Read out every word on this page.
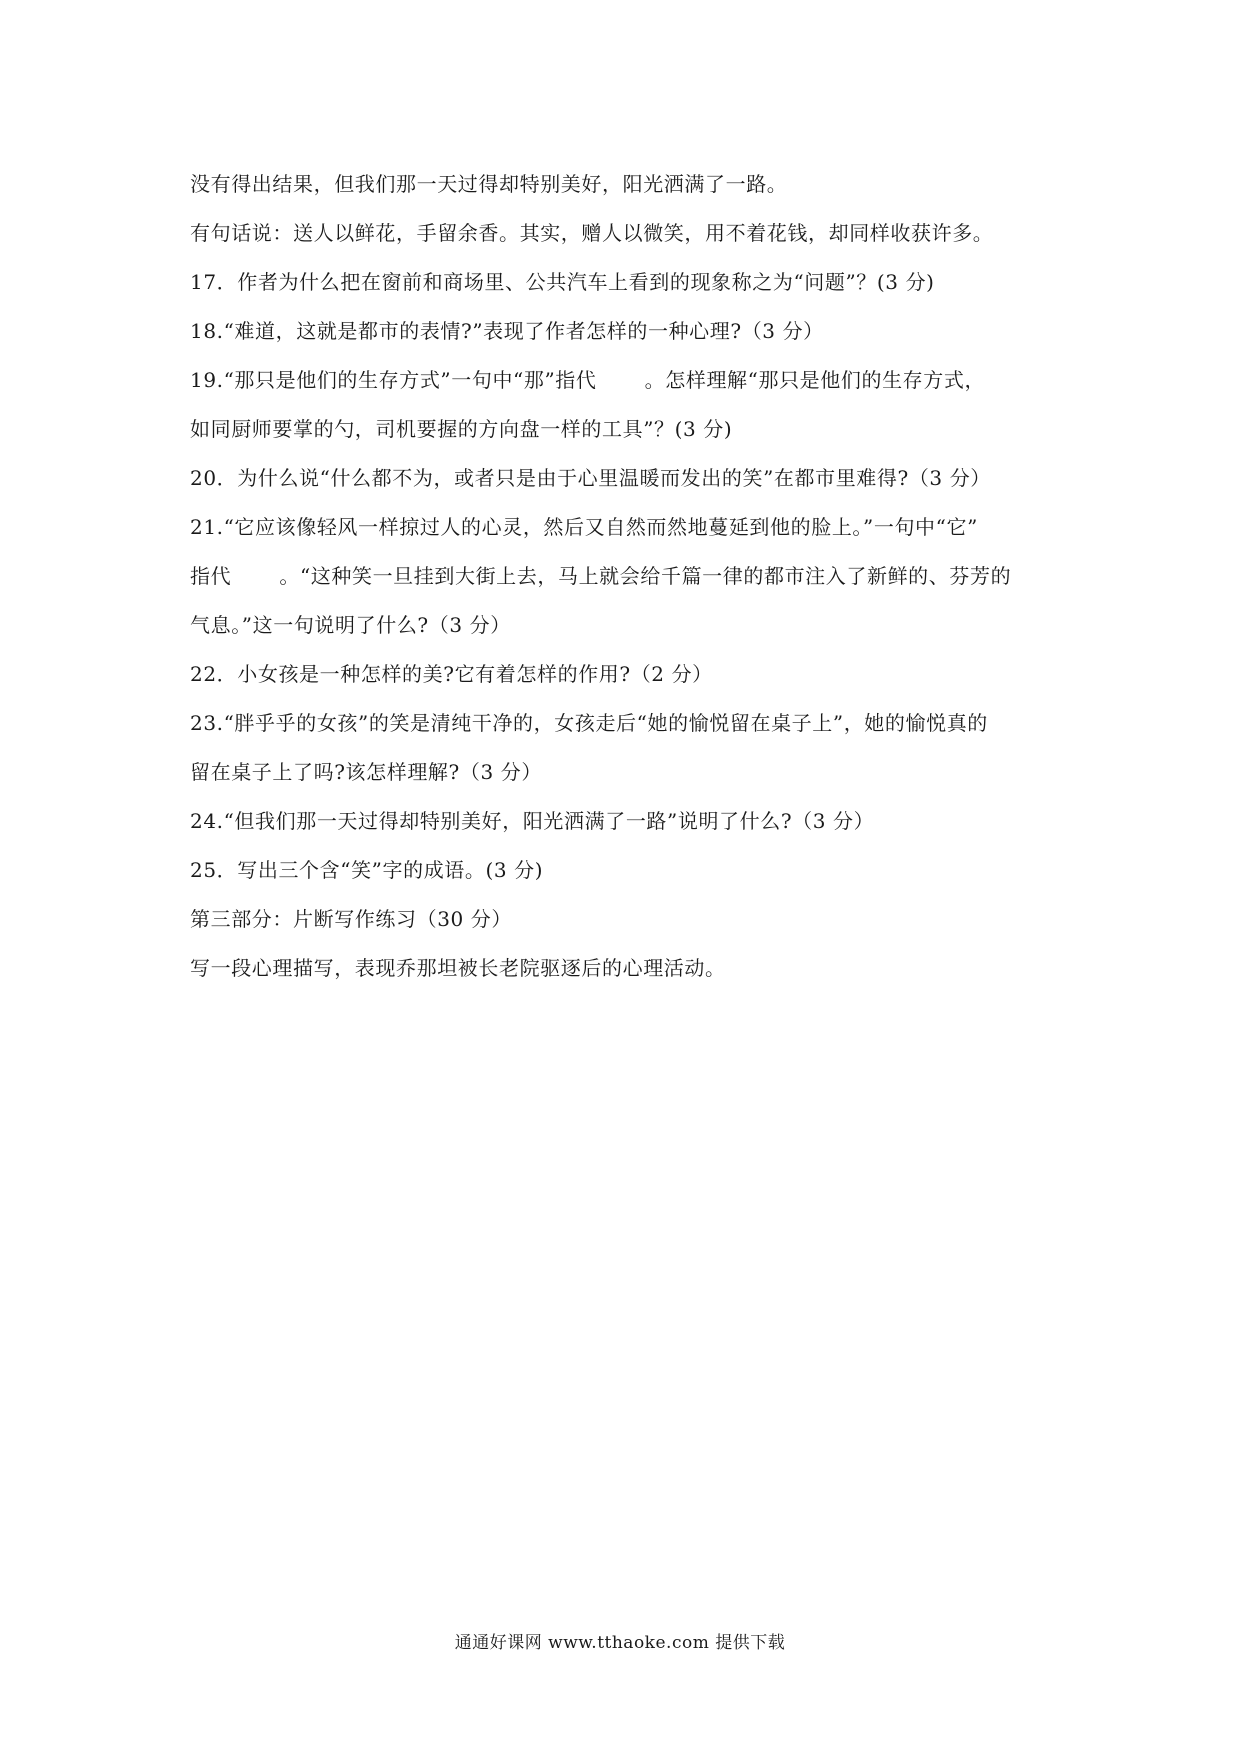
没有得出结果，但我们那一天过得却特别美好，阳光洒满了一路。
有句话说：送人以鲜花，手留余香。其实，赠人以微笑，用不着花钱，却同样收获许多。
17．作者为什么把在窗前和商场里、公共汽车上看到的现象称之为“问题”？(3 分)
18.“难道，这就是都市的表情?”表现了作者怎样的一种心理?（3 分）
19.“那只是他们的生存方式”一句中“那”指代　　 。怎样理解“那只是他们的生存方式，
如同厨师要掌的勺，司机要握的方向盘一样的工具”？(3 分)
20．为什么说“什么都不为，或者只是由于心里温暖而发出的笑”在都市里难得?（3 分）
21.“它应该像轻风一样掠过人的心灵，然后又自然而然地蔓延到他的脸上。”一句中“它”
指代　　 。“这种笑一旦挂到大街上去，马上就会给千篇一律的都市注入了新鲜的、芬芳的
气息。”这一句说明了什么?（3 分）
22．小女孩是一种怎样的美?它有着怎样的作用?（2 分）
23.“胖乎乎的女孩”的笑是清纯干净的，女孩走后“她的愉悦留在桌子上”，她的愉悦真的
留在桌子上了吗?该怎样理解?（3 分）
24.“但我们那一天过得却特别美好，阳光洒满了一路”说明了什么?（3 分）
25．写出三个含“笑”字的成语。(3 分)
第三部分：片断写作练习（30 分）
写一段心理描写，表现乔那坦被长老院驱逐后的心理活动。
通通好课网 www.tthaoke.com 提供下载
